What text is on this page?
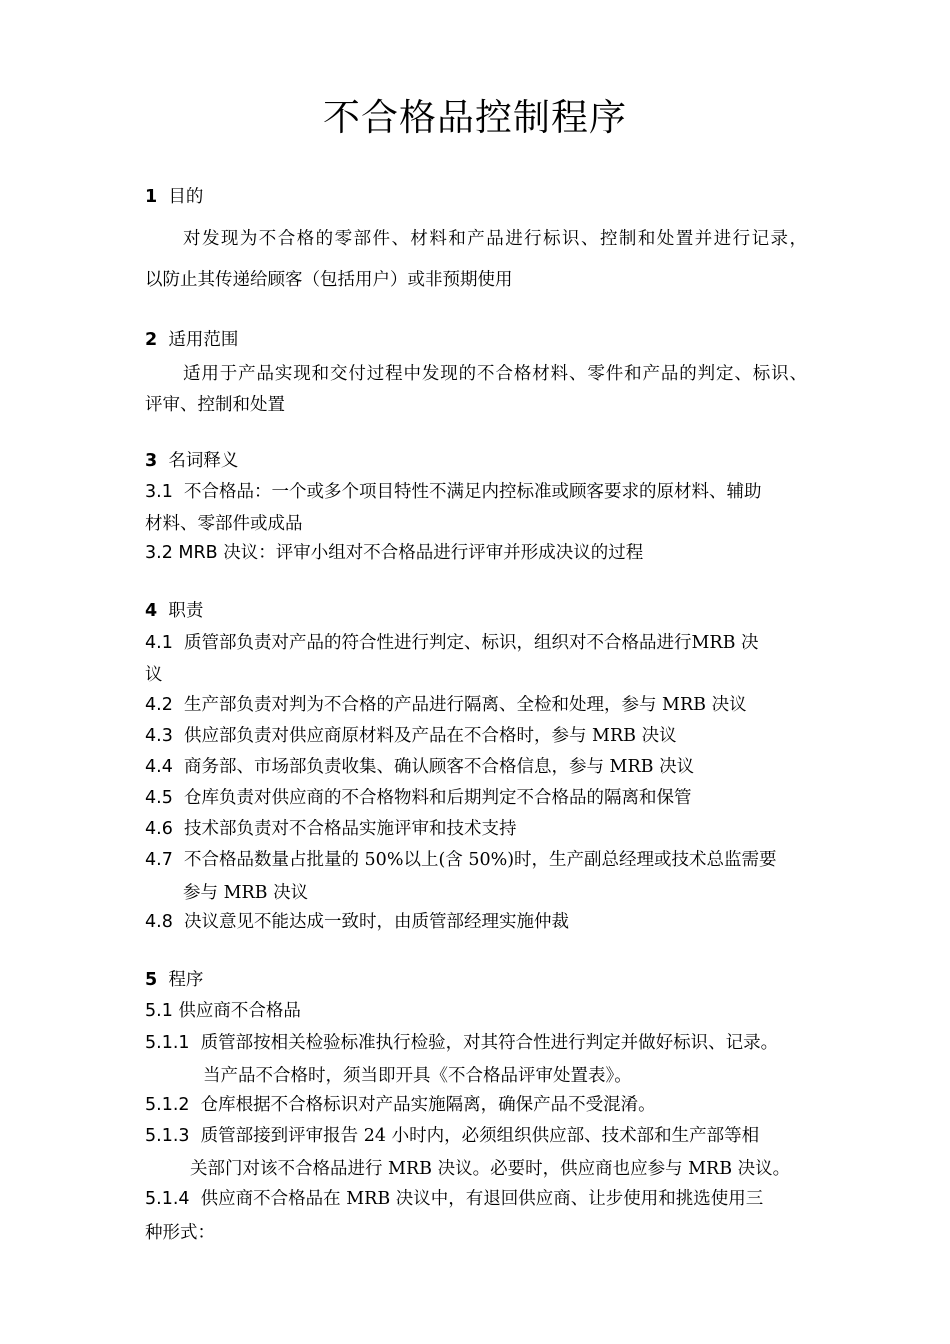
不合格品控制程序
1 目的
对发现为不合格的零部件、材料和产品进行标识、控制和处置并进行记录，
以防止其传递给顾客（包括用户）或非预期使用
2 适用范围
适用于产品实现和交付过程中发现的不合格材料、零件和产品的判定、标识、
评审、控制和处置
3 名词释义
3.1 不合格品：一个或多个项目特性不满足内控标准或顾客要求的原材料、辅助
材料、零部件或成品
3.2 MRB 决议：评审小组对不合格品进行评审并形成决议的过程
4 职责
4.1 质管部负责对产品的符合性进行判定、标识，组织对不合格品进行MRB 决
议
4.2 生产部负责对判为不合格的产品进行隔离、全检和处理，参与 MRB 决议
4.3 供应部负责对供应商原材料及产品在不合格时，参与 MRB 决议
4.4 商务部、市场部负责收集、确认顾客不合格信息，参与 MRB 决议
4.5 仓库负责对供应商的不合格物料和后期判定不合格品的隔离和保管
4.6 技术部负责对不合格品实施评审和技术支持
4.7 不合格品数量占批量的 50%以上(含 50%)时，生产副总经理或技术总监需要
参与 MRB 决议
4.8 决议意见不能达成一致时，由质管部经理实施仲裁
5 程序
5.1 供应商不合格品
5.1.1 质管部按相关检验标准执行检验，对其符合性进行判定并做好标识、记录。
当产品不合格时，须当即开具《不合格品评审处置表》。
5.1.2 仓库根据不合格标识对产品实施隔离，确保产品不受混淆。
5.1.3 质管部接到评审报告 24 小时内，必须组织供应部、技术部和生产部等相
关部门对该不合格品进行 MRB 决议。必要时，供应商也应参与 MRB 决议。
5.1.4 供应商不合格品在 MRB 决议中，有退回供应商、让步使用和挑选使用三
种形式：
